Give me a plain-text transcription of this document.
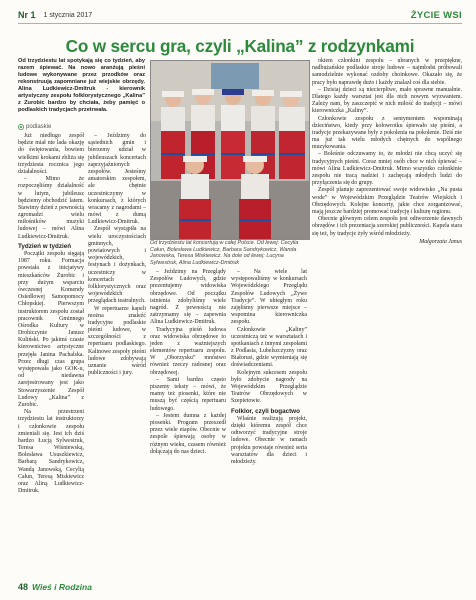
Nr 1 1 stycznia 2017	ŻYCIE WSI
Co w sercu gra, czyli „Kalina” z rodzynkami
Od trzydziestu lat spotykają się co tydzień, aby razem śpiewać. Na nowo aranżują pieśni ludowe wykonywane przez przodków oraz rekonstruują zapomniane już wiejskie obrzędy. Alina Ludkiewicz-Dmitruk - kierownik artystyczny zespołu folklorystycznego „Kalina” z Zurobic bardzo by chciała, żeby pamięć o podlaskich tradycjach przetrwała.
podlaskie
Od trzydziestu lat koncertują w całej Polsce. Od lewej: Cecylia Całun, Bolesława Ludkiewicz, Barbara Sandrykowicz, Wanda Janowska, Teresa Miskiewicz. Na dole od lewej: Lucyna Sylwestruk, Alina Ludkiewicz-Dmitruk

Już niedługo zespół będzie miał nie lada okazję do świętowania, bowiem wielkimi krokami zbliża się trzydziesta rocznica jego działalności.

– Mimo że rozpoczęliśmy działalność w lutym, jubileusz będziemy obchodzić latem. Stawimy dzień z pewnością zgromadzi wielu miłośników muzyki ludowej – mówi Alina Ludkiewicz-Dmitruk.

Tydzień w tydzień

Początki zespołu sięgają 1987 roku. Formacja powstała z inicjatywy mieszkańców Żurobic i przy dużym wsparciu ówczesnej Komendy Osiedlowej Samopomocy Chłopskiej. Pierwszym instruktorem zespołu został pracownik Gminnego Ośrodka Kultury w Drohiczynie Janusz Kuliński. Po jakimś czasie kierownictwo artystyczne przejęła Janina Pachalska. Przez długi czas grupa występowała jako GOK-u, od niedawna zarejestrowany jest jako Stowarzyszenie Zespół Ludowy „Kalina” z Żurobic.

Na przestrzeni trzydziestu lat instruktorzy i członkowie zespołu zmieniali się. Jest ich dziś bardzo Łucją Sylwestruk, Teresa Wiśniewską, Bolesława Ususzkiewicz, Barbarą Sandrykowicz, Wandą Janowską, Cecylią Całun, Teresą Miskiewicz oraz Aliną Ludkiewicz-Dmitruk.

– Jeździmy do sąsiednich gmin i bierzemy udział w jubileuszach koncertach zaprzyjaźnionych zespołów. Jesteśmy amatorskim zespołem, ale chętnie uczestniczymy w konkursach, z których wracamy z nagrodami – mówi z dumą Ludkiewicz-Dmitruk.

Zespół wystąpiła na wielu uroczystościach gminnych, powiatowych i wojewódzkich, festynach i dożynkach, uczestniczy w koncertach folklorystycznych oraz wojewódzkich przeglądach teatralnych.

W repertuarze kapeli można znaleźć tradycyjne podlaskie pieśni ludowe, w szczególności z repertuaru podlaskiego. Kalinowe zespoły pieśni ludowe zdobywają uznanie wśród publiczności i jury.

– Jeździmy na Przeglądy Zespołów Ludowych, gdzie prezentujemy widowiska obrzędowe. Od początku istnienia zdobyliśmy wiele nagród. Z pewnością nie zatrzymamy się – zapewnia Alina Ludkiewicz-Dmitruk.

Tradycyjna pieśń ludowa oraz widowiska obrzędowe to jeden z ważniejszych elementów repertuaru zespołu. W „Oborzysku” mnóstwo również rzeczy radosnej oraz obrzędowej.

– Sami bardzo często piszemy teksty – mówi, że mamy też piosenki, które nie muszą być częścią repertuaru ludowego.

– Jestem dumna z każdej piosenki. Program przeszedł przez wiele etapów. Obecnie w zespole śpiewają osoby w różnym wieku, czasem również dołączają do nas dzieci.

– Na wiele lat występowaliśmy w konkursach Wojewódzkiego Przeglądu Zespołów Ludowych „Żywe Tradycje”. W ubiegłym roku zajęliśmy pierwsze miejsce – wspomina kierowniczka zespołu.

Członkowie „Kaliny” uczestniczą też w warsztatach i spotkaniach z innymi zespołami z Podlasia, Lubelszczyzny oraz Białorusi, gdzie wymieniają się doświadczeniami.

Kolejnym sukcesem zespołu było zdobycie nagrody na Wojewódzkim Przeglądzie Teatrów Obrzędowych w Szepietowie.

Folklor, czyli bogactwo

Właśnie realizują projekt, dzięki któremu zespół chce odtworzyć tradycyjne stroje ludowe. Obecnie w ramach projektu powstaje również seria warsztatów dla dzieci i młodzieży.

okiem członkini zespołu – ubranych w przepiękne, nadbużańskie podlaskie stroje ludowe – najmłodsi próbowali samodzielnie wykonać ozdoby choinkowe. Okazało się, że pracy było naprawdę dużo i każdy znalazł coś dla siebie.

– Dzisiaj dzieci są niecierpliwe, mało sprawne manualnie. Dlatego każdy warsztat jest dla nich nowym wyzwaniem. Zależy nam, by zaszczepić w nich miłość do tradycji – mówi kierowniczka „Kaliny”.

Członkowie zespołu z sentymentem wspominają dzieciństwo, kiedy przy kołowrotku śpiewało się pieśni, a tradycje przekazywane były z pokolenia na pokolenie. Dziś nie ma już tak wielu młodych chętnych do wspólnego muzykowania.

– Boleśnie odczuwamy to, że młodzi nie chcą uczyć się tradycyjnych pieśni. Coraz mniej osób chce w nich śpiewać – mówi Alina Ludkiewicz-Dmitruk. Mimo wszystko członkinie zespołu nie tracą nadziei i zachęcają młodych ludzi do przyłączenia się do grupy.

Zespół planuje zaprezentować swoje widowisko „Na pusta wode” w Wojewódzkim Przeglądzie Teatrów Wiejskich i Obrzędowych. Kolejne koncerty, jakie chce zorganizować, mają jeszcze bardziej promować tradycję i kulturę regionu.

Obecnie głównym celem zespołu jest odtworzenie dawnych obrzędów i ich prezentacja szerokiej publiczności. Kapela stara się też, by tradycje żyły wśród młodzieży.

Małgorzata Janus
48 Wieś i Rodzina
